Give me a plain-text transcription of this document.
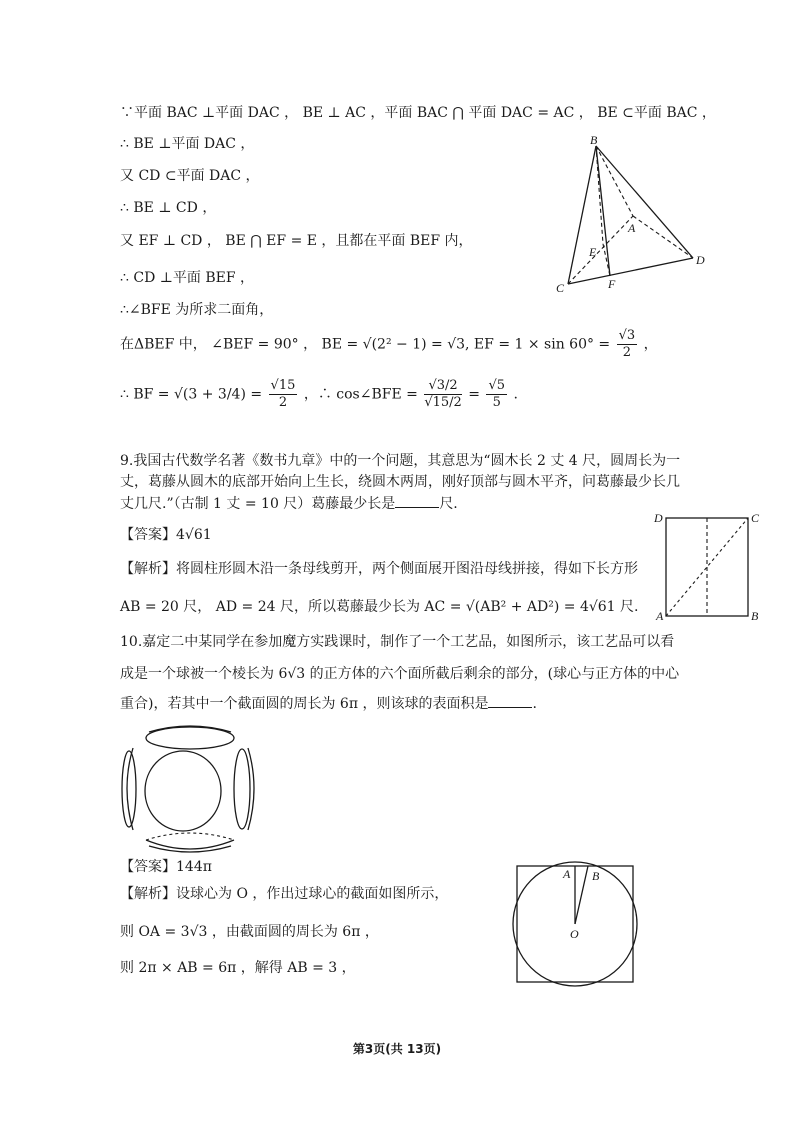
∵平面 BAC ⊥平面 DAC ， BE ⊥ AC ，平面 BAC ⋂ 平面 DAC = AC ， BE ⊂平面 BAC ，
∴ BE ⊥平面 DAC ，
又 CD ⊂平面 DAC ，
∴ BE ⊥ CD ，
又 EF ⊥ CD ， BE ⋂ EF = E ，且都在平面 BEF 内，
∴ CD ⊥平面 BEF ，
∴∠BFE 为所求二面角，
在ΔBEF 中， ∠BEF = 90° ， BE = √(2² − 1) = √3, EF = $1 \times \sin 60^\circ = \frac{√3}{2}$ ，
∴ BF = $√(3 + 3/4) = \frac{√15}{2}$ ，∴ cos∠BFE = $\frac{√3/2}{√15/2} = \frac{√5}{5}$ .
B
A
E
D
C	F
9.我国古代数学名著《数书九章》中的一个问题，其意思为“圆木长 2 丈 4 尺，圆周长为一
丈，葛藤从圆木的底部开始向上生长，绕圆木两周，刚好顶部与圆木平齐，问葛藤最少长几
丈几尺.”（古制 1 丈 = 10 尺）葛藤最少长是	尺.
【答案】4√61
【解析】将圆柱形圆木沿一条母线剪开，两个侧面展开图沿母线拼接，得如下长方形
AB = 20 尺， AD = 24 尺，所以葛藤最少长为 AC = √(AB² + AD²) = 4√61 尺.
D	C
A	B
10.嘉定二中某同学在参加魔方实践课时，制作了一个工艺品，如图所示，该工艺品可以看
成是一个球被一个棱长为 6√3 的正方体的六个面所截后剩余的部分，(球心与正方体的中心
重合)，若其中一个截面圆的周长为 6π ，则该球的表面积是	.
【答案】144π
【解析】设球心为 O ，作出过球心的截面如图所示，
则 OA = 3√3 ，由截面圆的周长为 6π ，
则 2π × AB = 6π ，解得 AB = 3 ，
A B
O
第3页(共 13页)
